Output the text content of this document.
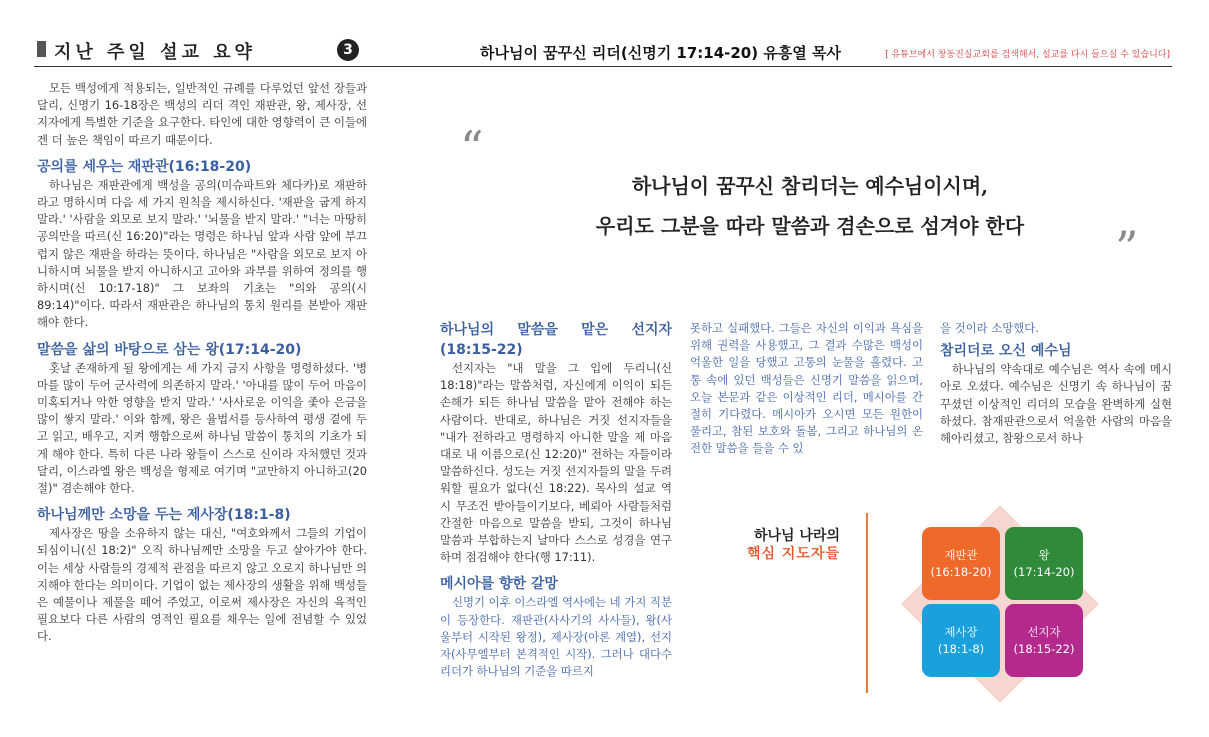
지난 주일 설교 요약	3	하나님이 꿈꾸신 리더(신명기 17:14-20) 유흥열 목사	[ 유튜브에서 창동진실교회를 검색해서, 설교를 다시 들으실 수 있습니다]

모든 백성에게 적용되는, 일반적인 규례를 다루었던 앞선 장들과 달리, 신명기 16-18장은 백성의 리더 격인 재판관, 왕, 제사장, 선지자에게 특별한 기준을 요구한다. 타인에 대한 영향력이 큰 이들에겐 더 높은 책임이 따르기 때문이다.

공의를 세우는 재판관(16:18-20)

하나님은 재판관에게 백성을 공의(미슈파트와 체다카)로 재판하라고 명하시며 다음 세 가지 원칙을 제시하신다. '재판을 굽게 하지 말라.' '사람을 외모로 보지 말라.' '뇌물을 받지 말라.' "너는 마땅히 공의만을 따르(신 16:20)"라는 명령은 하나님 앞과 사람 앞에 부끄럽지 않은 재판을 하라는 뜻이다. 하나님은 "사람을 외모로 보지 아니하시며 뇌물을 받지 아니하시고 고아와 과부를 위하여 정의를 행하시며(신 10:17-18)" 그 보좌의 기초는 "의와 공의(시 89:14)"이다. 따라서 재판관은 하나님의 통치 원리를 본받아 재판해야 한다.

말씀을 삶의 바탕으로 삼는 왕(17:14-20)

홋날 존재하게 될 왕에게는 세 가지 금지 사항을 명령하셨다. '병마를 많이 두어 군사력에 의존하지 말라.' '아내를 많이 두어 마음이 미혹되거나 악한 영향을 받지 말라.' '사사로운 이익을 좇아 은금을 많이 쌓지 말라.' 이와 함께, 왕은 율법서를 등사하여 평생 곁에 두고 읽고, 배우고, 지켜 행함으로써 하나님 말씀이 통치의 기초가 되게 해야 한다. 특히 다른 나라 왕들이 스스로 신이라 자처했던 것과 달리, 이스라엘 왕은 백성을 형제로 여기며 "교만하지 아니하고(20절)" 겸손해야 한다.

하나님께만 소망을 두는 제사장(18:1-8)

제사장은 땅을 소유하지 않는 대신, "여호와께서 그들의 기업이 되심이니(신 18:2)" 오직 하나님께만 소망을 두고 살아가야 한다. 이는 세상 사람들의 경제적 관점을 따르지 않고 오로지 하나님만 의지해야 한다는 의미이다. 기업이 없는 제사장의 생활을 위해 백성들은 예물이나 제물을 떼어 주었고, 이로써 제사장은 자신의 육적인 필요보다 다른 사람의 영적인 필요를 채우는 일에 전념할 수 있었다.

“
하나님이 꿈꾸신 참리더는 예수님이시며,
우리도 그분을 따라 말씀과 겸손으로 섬겨야 한다	”
하나님의 말씀을 맡은 선지자(18:15-22)

선지자는 "내 말을 그 입에 두리니(신 18:18)"라는 말씀처럼, 자신에게 이익이 되든 손해가 되든 하나님 말씀을 맡아 전해야 하는 사람이다. 반대로, 하나님은 거짓 선지자들을 "내가 전하라고 명령하지 아니한 말을 제 마음대로 내 이름으로(신 12:20)" 전하는 자들이라 말씀하신다. 성도는 거짓 선지자들의 말을 두려워할 필요가 없다(신 18:22). 목사의 설교 역시 무조건 받아들이기보다, 베뢰아 사람들처럼 간절한 마음으로 말씀을 받되, 그것이 하나님 말씀과 부합하는지 날마다 스스로 성경을 연구하며 점검해야 한다(행 17:11).

메시아를 향한 갈망

신명기 이후 이스라엘 역사에는 네 가지 직분이 등장한다. 재판관(사사기의 사사들), 왕(사울부터 시작된 왕정), 제사장(아론 계열), 선지자(사무엘부터 본격적인 시작). 그러나 대다수 리더가 하나님의 기준을 따르지

못하고 실패했다. 그들은 자신의 이익과 욕심을 위해 권력을 사용했고, 그 결과 수많은 백성이 억울한 일을 당했고 고통의 눈물을 흘렸다. 고통 속에 있던 백성들은 신명기 말씀을 읽으며, 오늘 본문과 같은 이상적인 리더, 메시아를 간절히 기다렸다. 메시아가 오시면 모든 원한이 풀리고, 참된 보호와 돌봄, 그리고 하나님의 온전한 말씀을 들을 수 있

을 것이라 소망했다.

참리더로 오신 예수님

하나님의 약속대로 예수님은 역사 속에 메시아로 오셨다. 예수님은 신명기 속 하나님이 꿈꾸셨던 이상적인 리더의 모습을 완벽하게 실현하셨다. 참재판관으로서 억울한 사람의 마음을 헤아리셨고, 참왕으로서 하나

하나님 나라의
핵심 지도자들	재판관
(16:18-20)
왕
(17:14-20)
제사장
(18:1-8)
선지자
(18:15-22)
